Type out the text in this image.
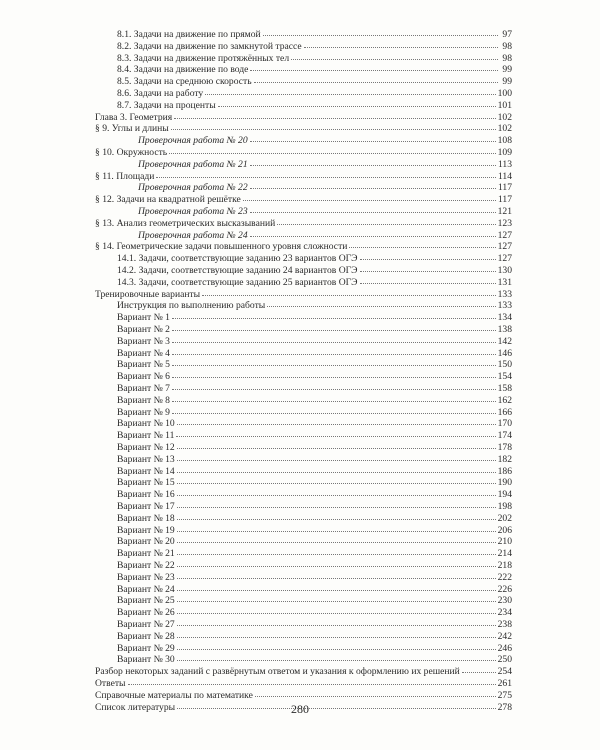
8.1. Задачи на движение по прямой	97
8.2. Задачи на движение по замкнутой трассе	98
8.3. Задачи на движение протяжённых тел	98
8.4. Задачи на движение по воде	99
8.5. Задачи на среднюю скорость	99
8.6. Задачи на работу	100
8.7. Задачи на проценты	101
Глава 3. Геометрия	102
§ 9. Углы и длины	102
Проверочная работа № 20	108
§ 10. Окружность	109
Проверочная работа № 21	113
§ 11. Площади	114
Проверочная работа № 22	117
§ 12. Задачи на квадратной решётке	117
Проверочная работа № 23	121
§ 13. Анализ геометрических высказываний	123
Проверочная работа № 24	127
§ 14. Геометрические задачи повышенного уровня сложности	127
14.1. Задачи, соответствующие заданию 23 вариантов ОГЭ	127
14.2. Задачи, соответствующие заданию 24 вариантов ОГЭ	130
14.3. Задачи, соответствующие заданию 25 вариантов ОГЭ	131
Тренировочные варианты	133
Инструкция по выполнению работы	133
Вариант № 1	134
Вариант № 2	138
Вариант № 3	142
Вариант № 4	146
Вариант № 5	150
Вариант № 6	154
Вариант № 7	158
Вариант № 8	162
Вариант № 9	166
Вариант № 10	170
Вариант № 11	174
Вариант № 12	178
Вариант № 13	182
Вариант № 14	186
Вариант № 15	190
Вариант № 16	194
Вариант № 17	198
Вариант № 18	202
Вариант № 19	206
Вариант № 20	210
Вариант № 21	214
Вариант № 22	218
Вариант № 23	222
Вариант № 24	226
Вариант № 25	230
Вариант № 26	234
Вариант № 27	238
Вариант № 28	242
Вариант № 29	246
Вариант № 30	250
Разбор некоторых заданий с развёрнутым ответом и указания к оформлению их решений	254
Ответы	261
Справочные материалы по математике	275
Список литературы	278
280
